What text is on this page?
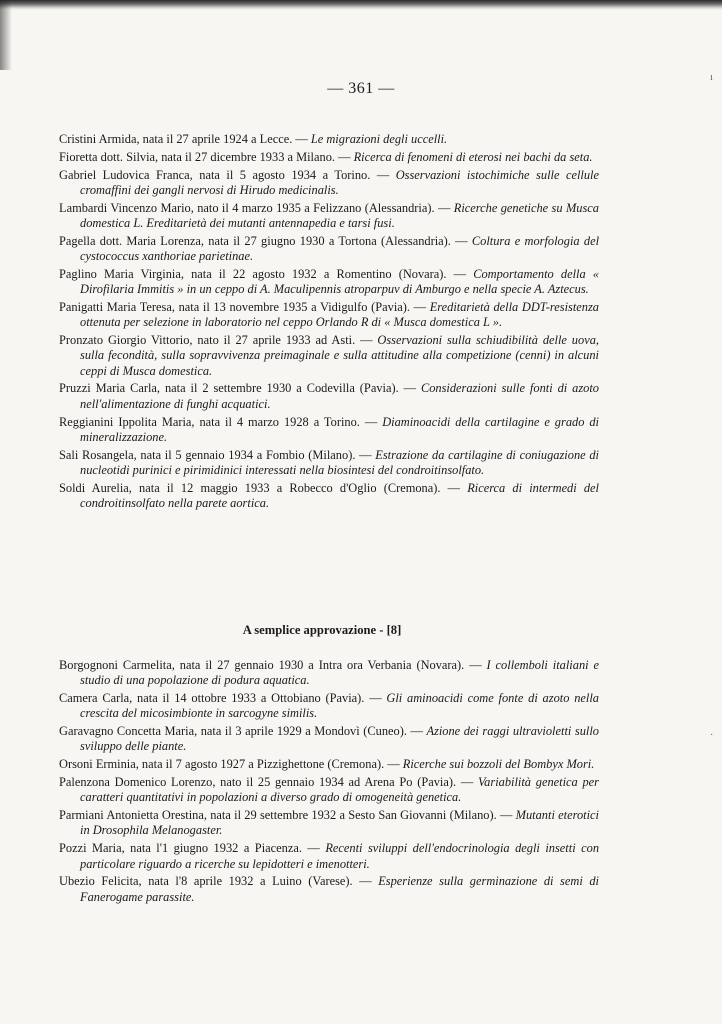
ı
·
— 361 —
Cristini Armida, nata il 27 aprile 1924 a Lecce. — Le migrazioni degli uccelli.
Fioretta dott. Silvia, nata il 27 dicembre 1933 a Milano. — Ricerca di fenomeni di eterosi nei bachi da seta.
Gabriel Ludovica Franca, nata il 5 agosto 1934 a Torino. — Osservazioni istochimiche sulle cellule cromaffini dei gangli nervosi di Hirudo medicinalis.
Lambardi Vincenzo Mario, nato il 4 marzo 1935 a Felizzano (Alessandria). — Ricerche genetiche su Musca domestica L. Ereditarietà dei mutanti antennapedia e tarsi fusi.
Pagella dott. Maria Lorenza, nata il 27 giugno 1930 a Tortona (Alessandria). — Coltura e morfologia del cystococcus xanthoriae parietinae.
Paglino Maria Virginia, nata il 22 agosto 1932 a Romentino (Novara). — Comportamento della « Dirofilaria Immitis » in un ceppo di A. Maculipennis atroparpuv di Amburgo e nella specie A. Aztecus.
Panigatti Maria Teresa, nata il 13 novembre 1935 a Vidigulfo (Pavia). — Ereditarietà della DDT-resistenza ottenuta per selezione in laboratorio nel ceppo Orlando R di « Musca domestica L ».
Pronzato Giorgio Vittorio, nato il 27 aprile 1933 ad Asti. — Osservazioni sulla schiudibilità delle uova, sulla fecondità, sulla sopravvivenza preimaginale e sulla attitudine alla competizione (cenni) in alcuni ceppi di Musca domestica.
Pruzzi Maria Carla, nata il 2 settembre 1930 a Codevilla (Pavia). — Considerazioni sulle fonti di azoto nell'alimentazione di funghi acquatici.
Reggianini Ippolita Maria, nata il 4 marzo 1928 a Torino. — Diaminoacidi della cartilagine e grado di mineralizzazione.
Sali Rosangela, nata il 5 gennaio 1934 a Fombio (Milano). — Estrazione da cartilagine di coniugazione di nucleotidi purinici e pirimidinici interessati nella biosintesi del condroitinsolfato.
Soldi Aurelia, nata il 12 maggio 1933 a Robecco d'Oglio (Cremona). — Ricerca di intermedi del condroitinsolfato nella parete aortica.
A semplice approvazione - [8]
Borgognoni Carmelita, nata il 27 gennaio 1930 a Intra ora Verbania (Novara). — I collemboli italiani e studio di una popolazione di podura aquatica.
Camera Carla, nata il 14 ottobre 1933 a Ottobiano (Pavia). — Gli aminoacidi come fonte di azoto nella crescita del micosimbionte in sarcogyne similis.
Garavagno Concetta Maria, nata il 3 aprile 1929 a Mondovì (Cuneo). — Azione dei raggi ultravioletti sullo sviluppo delle piante.
Orsoni Erminia, nata il 7 agosto 1927 a Pizzighettone (Cremona). — Ricerche sui bozzoli del Bombyx Mori.
Palenzona Domenico Lorenzo, nato il 25 gennaio 1934 ad Arena Po (Pavia). — Variabilità genetica per caratteri quantitativi in popolazioni a diverso grado di omogeneità genetica.
Parmiani Antonietta Orestina, nata il 29 settembre 1932 a Sesto San Giovanni (Milano). — Mutanti eterotici in Drosophila Melanogaster.
Pozzi Maria, nata l'1 giugno 1932 a Piacenza. — Recenti sviluppi dell'endocrinologia degli insetti con particolare riguardo a ricerche su lepidotteri e imenotteri.
Ubezio Felicita, nata l'8 aprile 1932 a Luino (Varese). — Esperienze sulla germinazione di semi di Fanerogame parassite.
